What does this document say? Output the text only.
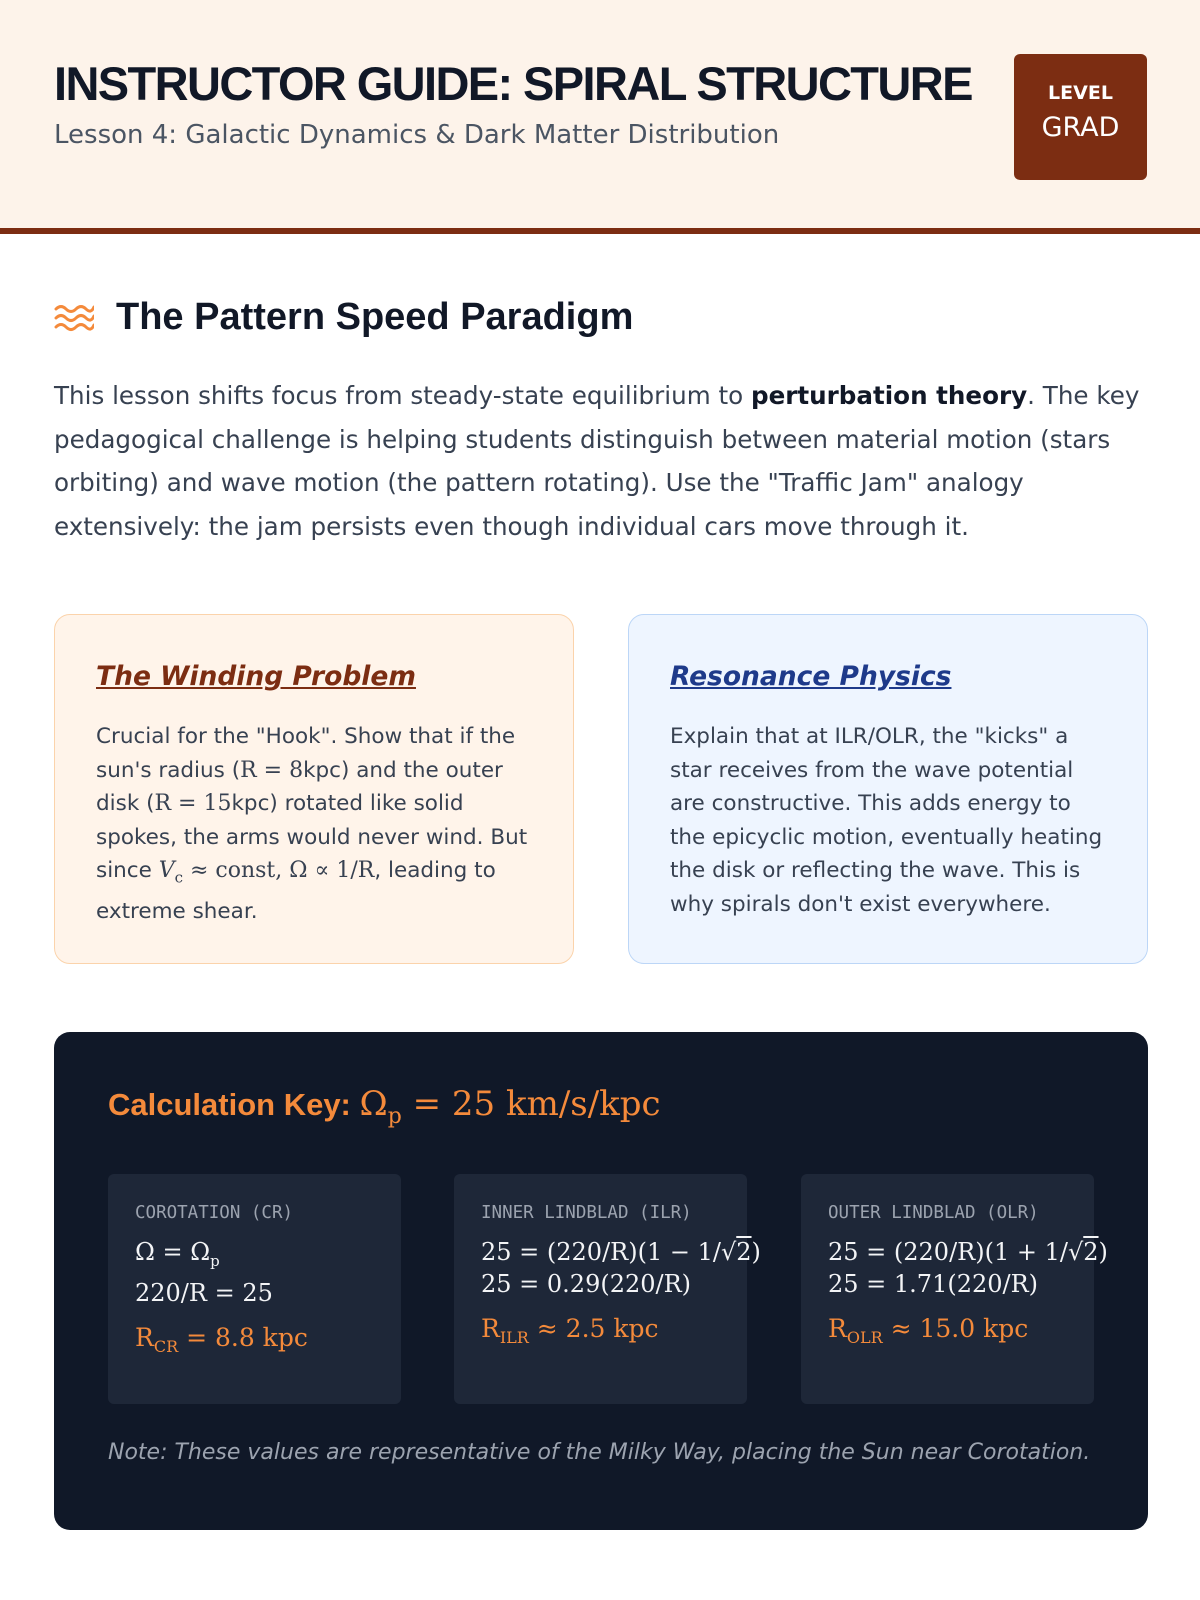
INSTRUCTOR GUIDE: SPIRAL STRUCTURE
Lesson 4: Galactic Dynamics & Dark Matter Distribution
LEVEL
GRAD
The Pattern Speed Paradigm

This lesson shifts focus from steady-state equilibrium to perturbation theory. The key pedagogical challenge is helping students distinguish between material motion (stars orbiting) and wave motion (the pattern rotating). Use the "Traffic Jam" analogy extensively: the jam persists even though individual cars move through it.

The Winding Problem

Crucial for the "Hook". Show that if the sun's radius (R = 8kpc) and the outer disk (R = 15kpc) rotated like solid spokes, the arms would never wind. But since $V_c$ ≈ const, Ω ∝ 1/R, leading to extreme shear.

Resonance Physics

Explain that at ILR/OLR, the "kicks" a star receives from the wave potential are constructive. This adds energy to the epicyclic motion, eventually heating the disk or reflecting the wave. This is why spirals don't exist everywhere.

Calculation Key: $\Omega_p = 25$ km/s/kpc
COROTATION (CR)
$\Omega = \Omega_p$
220/R = 25
$R_{CR} = 8.8$ kpc
INNER LINDBLAD (ILR)
25 = (220/R)(1 − 1/√2)
25 = 0.29(220/R)
$R_{ILR} \approx 2.5$ kpc
OUTER LINDBLAD (OLR)
25 = (220/R)(1 + 1/√2)
25 = 1.71(220/R)
$R_{OLR} \approx 15.0$ kpc
Note: These values are representative of the Milky Way, placing the Sun near Corotation.
